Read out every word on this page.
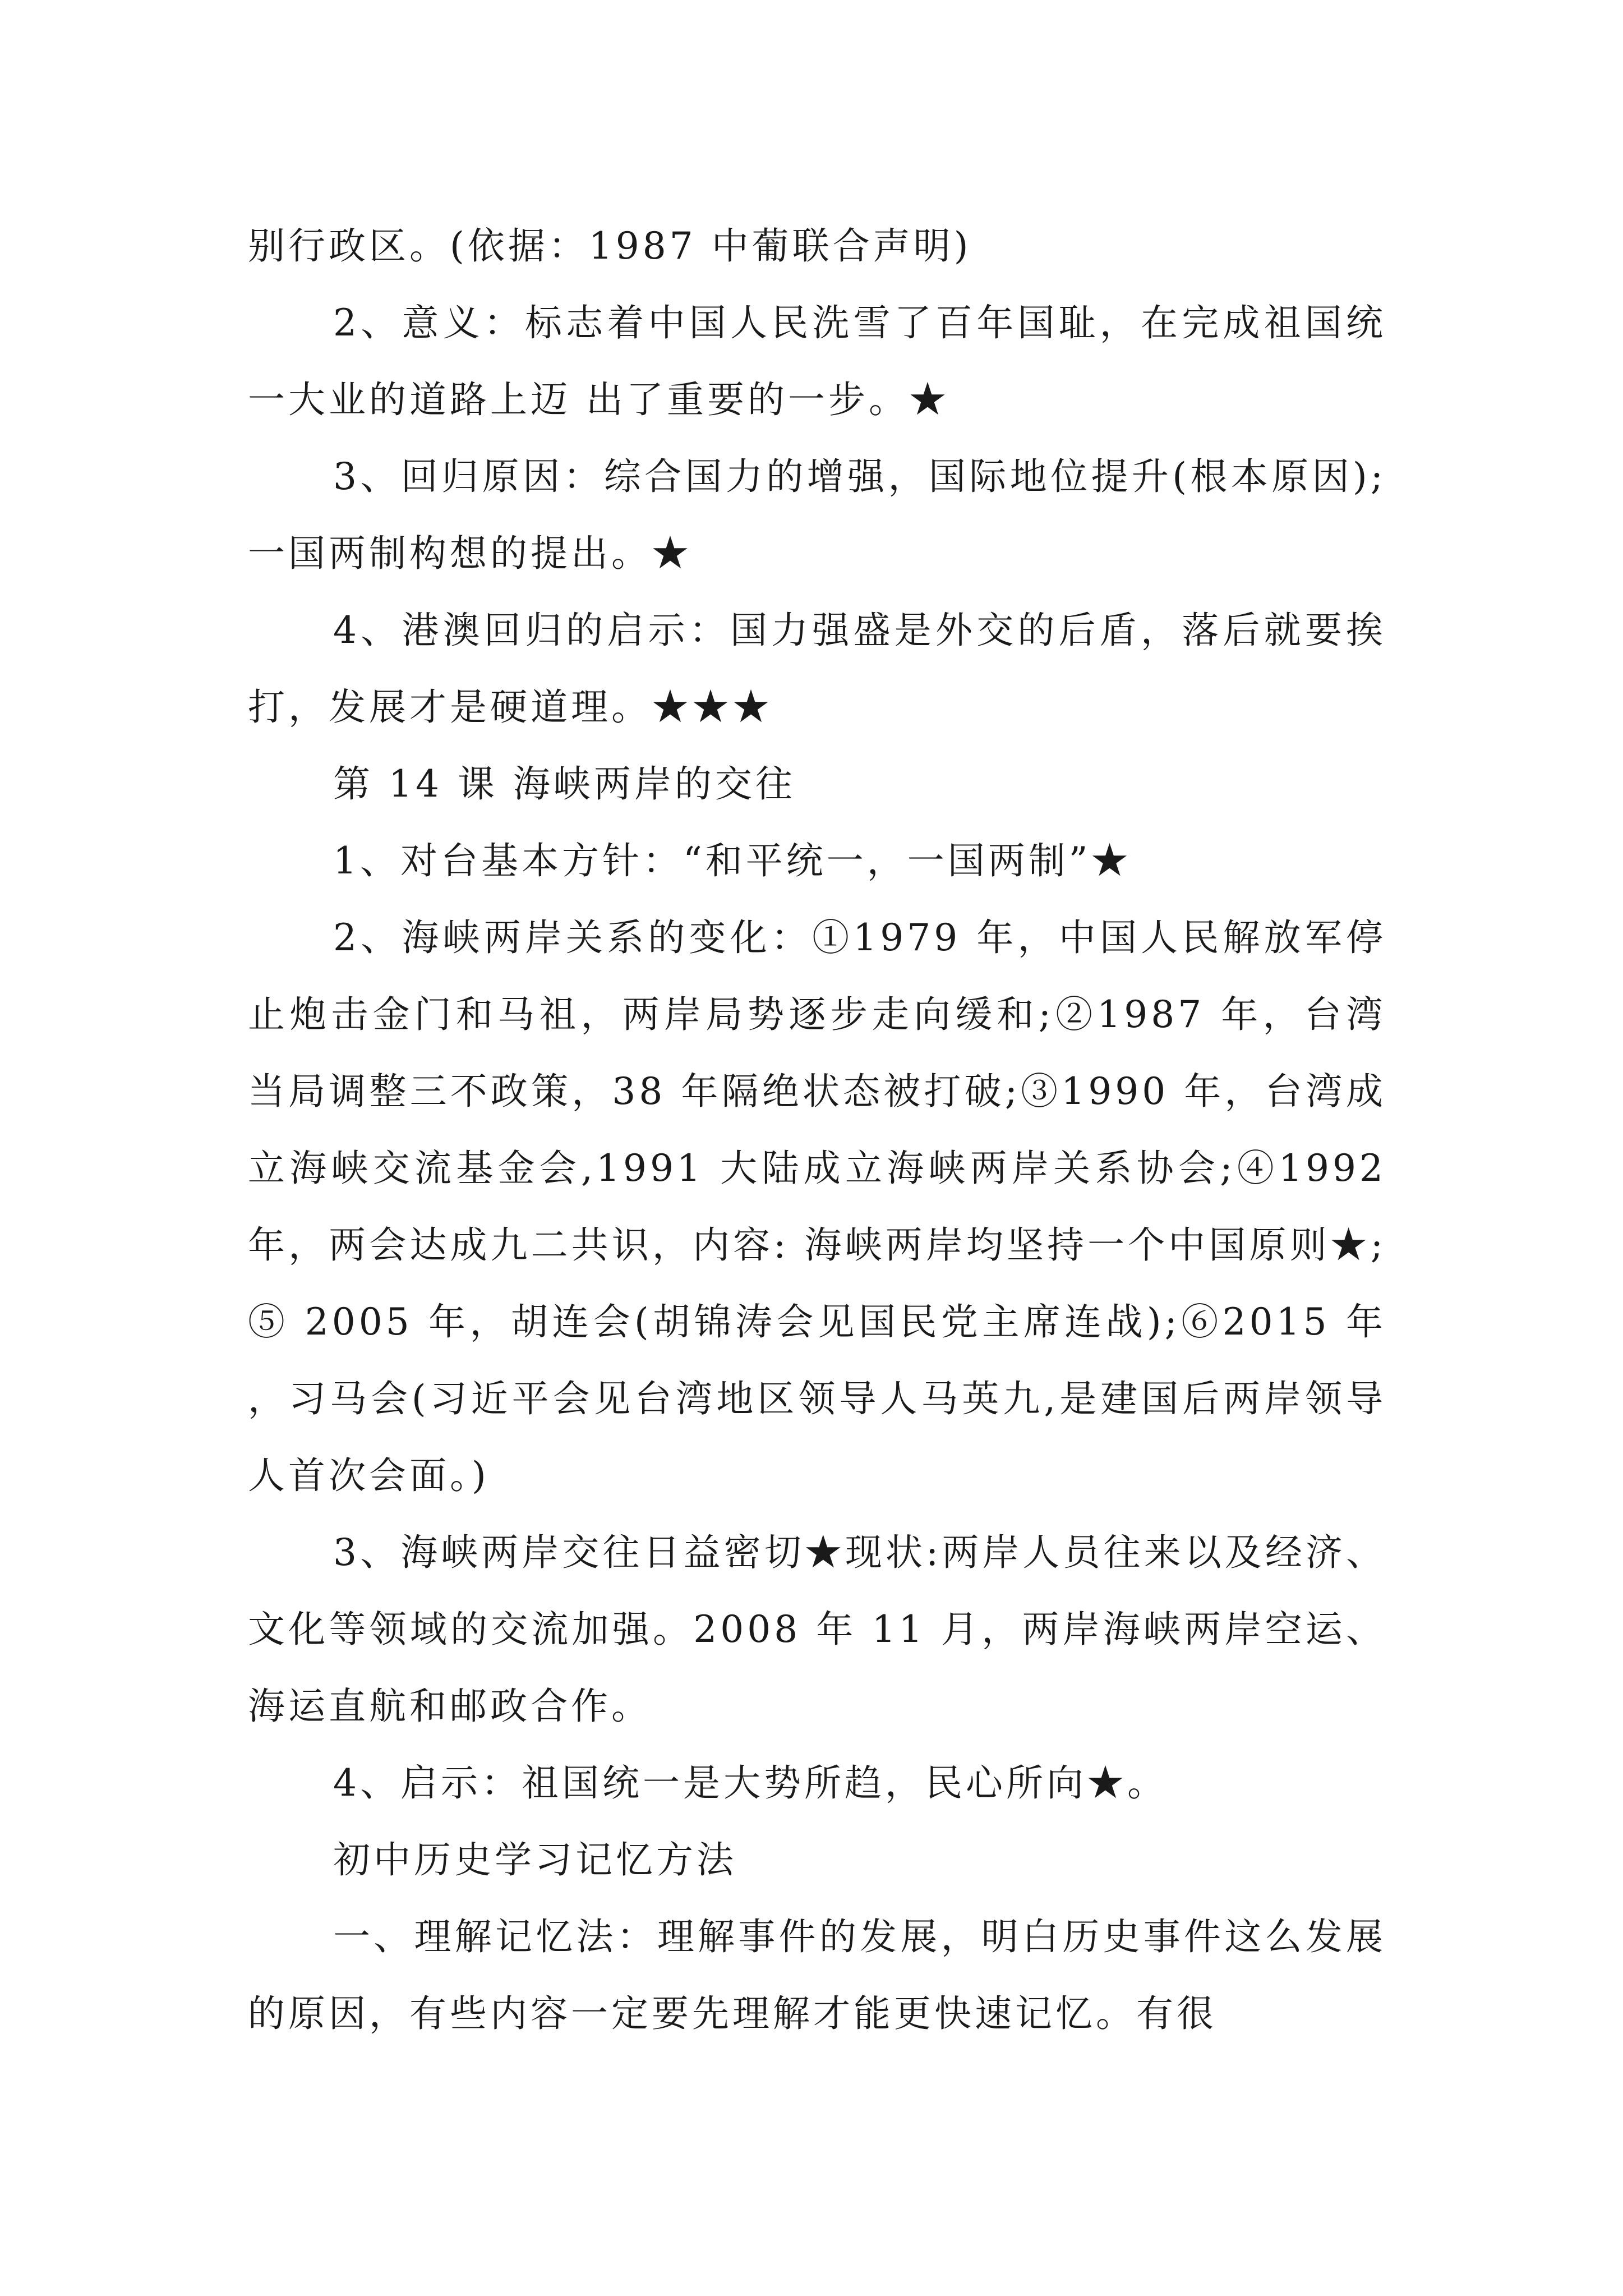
别行政区。(依据：1987 中葡联合声明)

2、意义：标志着中国人民洗雪了百年国耻，在完成祖国统一大业的道路上迈 出了重要的一步。★

3、回归原因：综合国力的增强，国际地位提升(根本原因);一国两制构想的提出。★

4、港澳回归的启示：国力强盛是外交的后盾，落后就要挨打，发展才是硬道理。★★★

第 14 课 海峡两岸的交往

1、对台基本方针：“和平统一，一国两制”★

2、海峡两岸关系的变化：①1979 年，中国人民解放军停止炮击金门和马祖，两岸局势逐步走向缓和;②1987 年，台湾当局调整三不政策，38 年隔绝状态被打破;③1990 年，台湾成立海峡交流基金会,1991 大陆成立海峡两岸关系协会;④1992 年，两会达成九二共识，内容: 海峡两岸均坚持一个中国原则★;⑤ 2005 年，胡连会(胡锦涛会见国民党主席连战);⑥2015 年，习马会(习近平会见台湾地区领导人马英九,是建国后两岸领导人首次会面。)

3、海峡两岸交往日益密切★现状:两岸人员往来以及经济、文化等领域的交流加强。2008 年 11 月，两岸海峡两岸空运、海运直航和邮政合作。

4、启示：祖国统一是大势所趋，民心所向★。

初中历史学习记忆方法

一、理解记忆法：理解事件的发展，明白历史事件这么发展的原因，有些内容一定要先理解才能更快速记忆。有很
